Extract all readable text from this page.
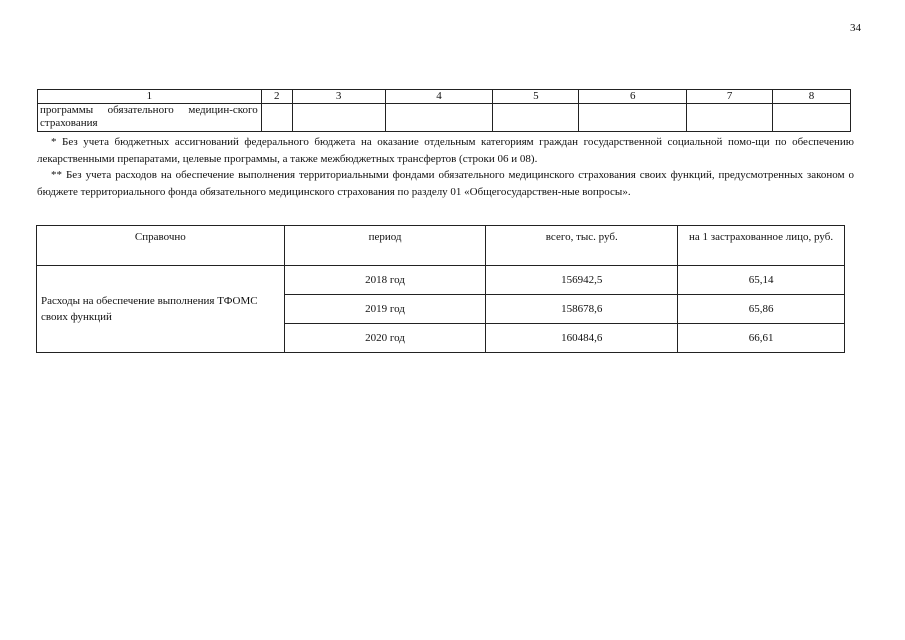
34
1	2	3	4	5	6	7	8
программы обязательного медицин-ского страхования							

* Без учета бюджетных ассигнований федерального бюджета на оказание отдельным категориям граждан государственной социальной помо-щи по обеспечению лекарственными препаратами, целевые программы, а также межбюджетных трансфертов (строки 06 и 08).

** Без учета расходов на обеспечение выполнения территориальными фондами обязательного медицинского страхования своих функций, предусмотренных законом о бюджете территориального фонда обязательного медицинского страхования по разделу 01 «Общегосударствен-ные вопросы».

Справочно	период	всего, тыс. руб.	на 1 застрахованное лицо, руб.
Расходы на обеспечение выполнения ТФОМС своих функций	2018 год	156942,5	65,14
	2019 год	158678,6	65,86
	2020 год	160484,6	66,61
